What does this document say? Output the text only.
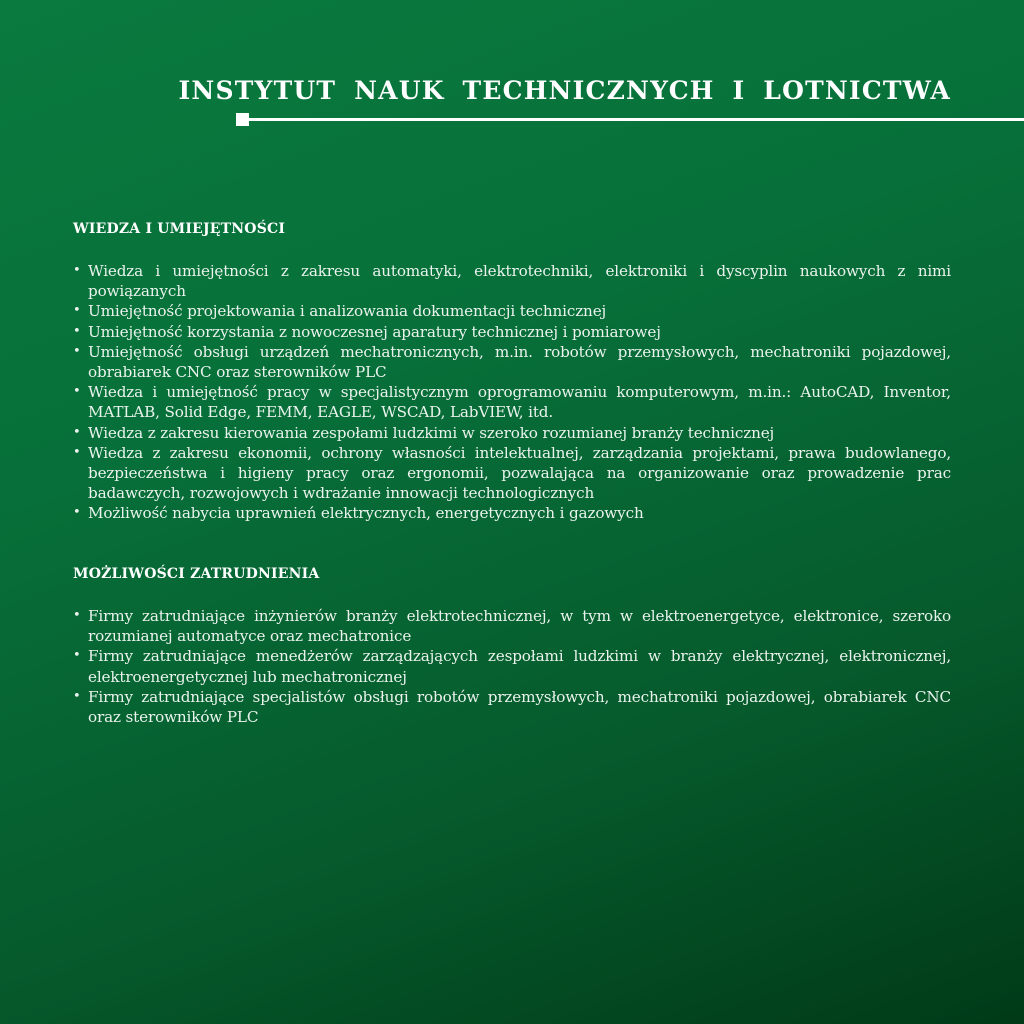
INSTYTUT NAUK TECHNICZNYCH I LOTNICTWA
WIEDZA I UMIEJĘTNOŚCI
• Wiedza i umiejętności z zakresu automatyki, elektrotechniki, elektroniki i dyscyplin naukowych z nimi powiązanych
• Umiejętność projektowania i analizowania dokumentacji technicznej
• Umiejętność korzystania z nowoczesnej aparatury technicznej i pomiarowej
• Umiejętność obsługi urządzeń mechatronicznych, m.in. robotów przemysłowych, mechatroniki pojazdowej, obrabiarek CNC oraz sterowników PLC
• Wiedza i umiejętność pracy w specjalistycznym oprogramowaniu komputerowym, m.in.: AutoCAD, Inventor, MATLAB, Solid Edge, FEMM, EAGLE, WSCAD, LabVIEW, itd.
• Wiedza z zakresu kierowania zespołami ludzkimi w szeroko rozumianej branży technicznej
• Wiedza z zakresu ekonomii, ochrony własności intelektualnej, zarządzania projektami, prawa budowlanego, bezpieczeństwa i higieny pracy oraz ergonomii, pozwalająca na organizowanie oraz prowadzenie prac badawczych, rozwojowych i wdrażanie innowacji technologicznych
• Możliwość nabycia uprawnień elektrycznych, energetycznych i gazowych
MOŻLIWOŚCI ZATRUDNIENIA
• Firmy zatrudniające inżynierów branży elektrotechnicznej, w tym w elektroenergetyce, elektronice, szeroko rozumianej automatyce oraz mechatronice
• Firmy zatrudniające menedżerów zarządzających zespołami ludzkimi w branży elektrycznej, elektronicznej, elektroenergetycznej lub mechatronicznej
• Firmy zatrudniające specjalistów obsługi robotów przemysłowych, mechatroniki pojazdowej, obrabiarek CNC oraz sterowników PLC
